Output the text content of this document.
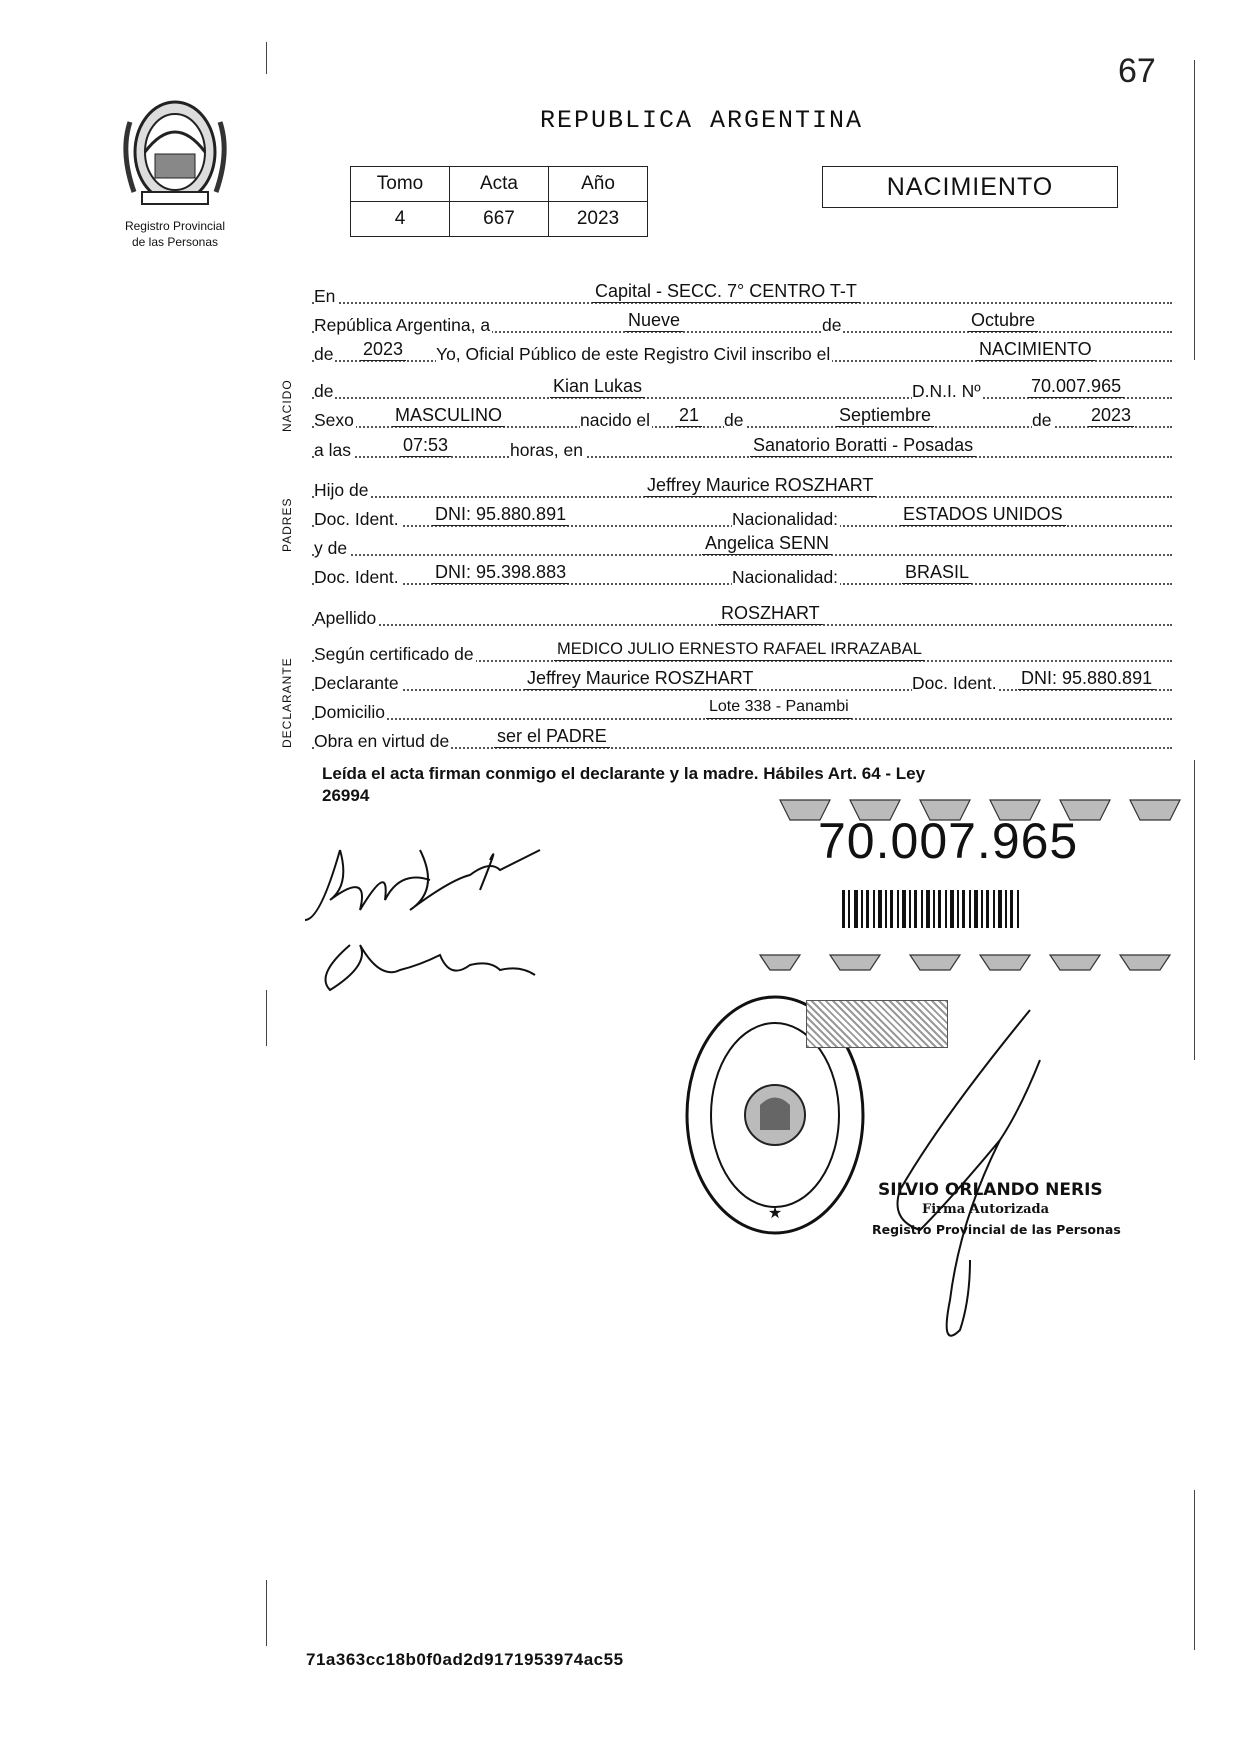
67
Registro Provincial
de las Personas
REPUBLICA ARGENTINA
Tomo	Acta	Año
4	667	2023
NACIMIENTO
NACIDO
PADRES
DECLARANTE
En	Capital - SECC. 7° CENTRO T-T
República Argentina, a	Nueve	de	Octubre
de 2023 Yo, Oficial Público de este Registro Civil inscribo el	NACIMIENTO
de	Kian Lukas	D.N.I. Nº	70.007.965
Sexo MASCULINO	nacido el 21 de	Septiembre	de 2023
a las	07:53	horas, en	Sanatorio Boratti - Posadas
Hijo de	Jeffrey Maurice ROSZHART
Doc. Ident. DNI: 95.880.891	Nacionalidad:	ESTADOS UNIDOS
y de	Angelica SENN
Doc. Ident. DNI: 95.398.883	Nacionalidad:	BRASIL
Apellido	ROSZHART
Según certificado de	MEDICO JULIO ERNESTO RAFAEL IRRAZABAL
Declarante	Jeffrey Maurice ROSZHART	Doc. Ident. DNI: 95.880.891
Domicilio	Lote 338 - Panambi
Obra en virtud de	ser el PADRE
Leída el acta firman conmigo el declarante y la madre. Hábiles Art. 64 - Ley
26994
70.007.965
★
SILVIO ORLANDO NERIS
Firma Autorizada
Registro Provincial de las Personas
71a363cc18b0f0ad2d9171953974ac55
